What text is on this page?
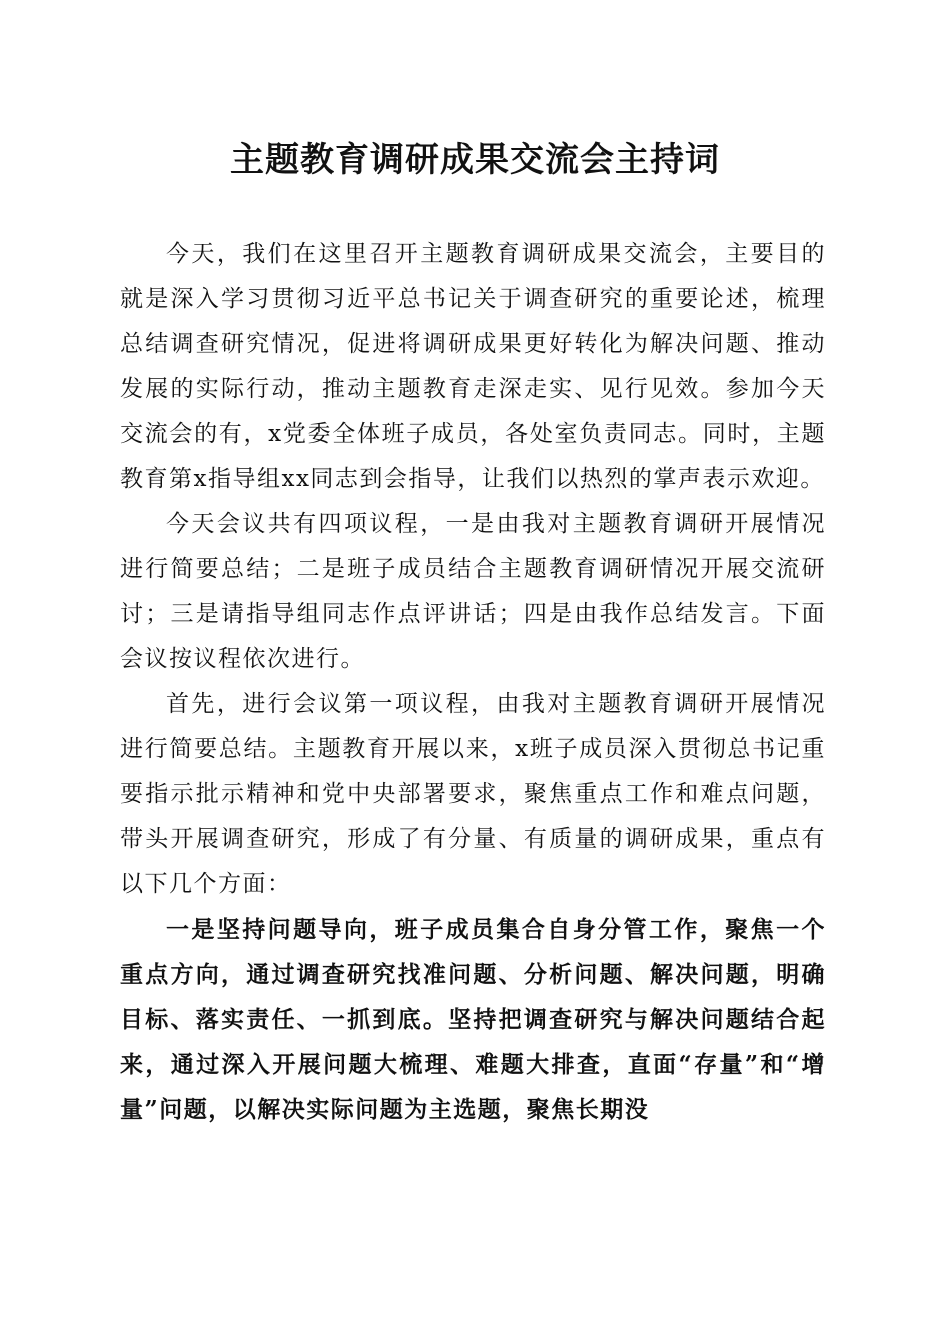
主题教育调研成果交流会主持词

今天，我们在这里召开主题教育调研成果交流会，主要目的就是深入学习贯彻习近平总书记关于调查研究的重要论述，梳理总结调查研究情况，促进将调研成果更好转化为解决问题、推动发展的实际行动，推动主题教育走深走实、见行见效。参加今天交流会的有，x党委全体班子成员，各处室负责同志。同时，主题教育第x指导组xx同志到会指导，让我们以热烈的掌声表示欢迎。

今天会议共有四项议程，一是由我对主题教育调研开展情况进行简要总结；二是班子成员结合主题教育调研情况开展交流研讨；三是请指导组同志作点评讲话；四是由我作总结发言。下面会议按议程依次进行。

首先，进行会议第一项议程，由我对主题教育调研开展情况进行简要总结。主题教育开展以来，x班子成员深入贯彻总书记重要指示批示精神和党中央部署要求，聚焦重点工作和难点问题，带头开展调查研究，形成了有分量、有质量的调研成果，重点有以下几个方面：

一是坚持问题导向，班子成员集合自身分管工作，聚焦一个重点方向，通过调查研究找准问题、分析问题、解决问题，明确目标、落实责任、一抓到底。坚持把调查研究与解决问题结合起来，通过深入开展问题大梳理、难题大排查，直面“存量”和“增量”问题，以解决实际问题为主选题，聚焦长期没
